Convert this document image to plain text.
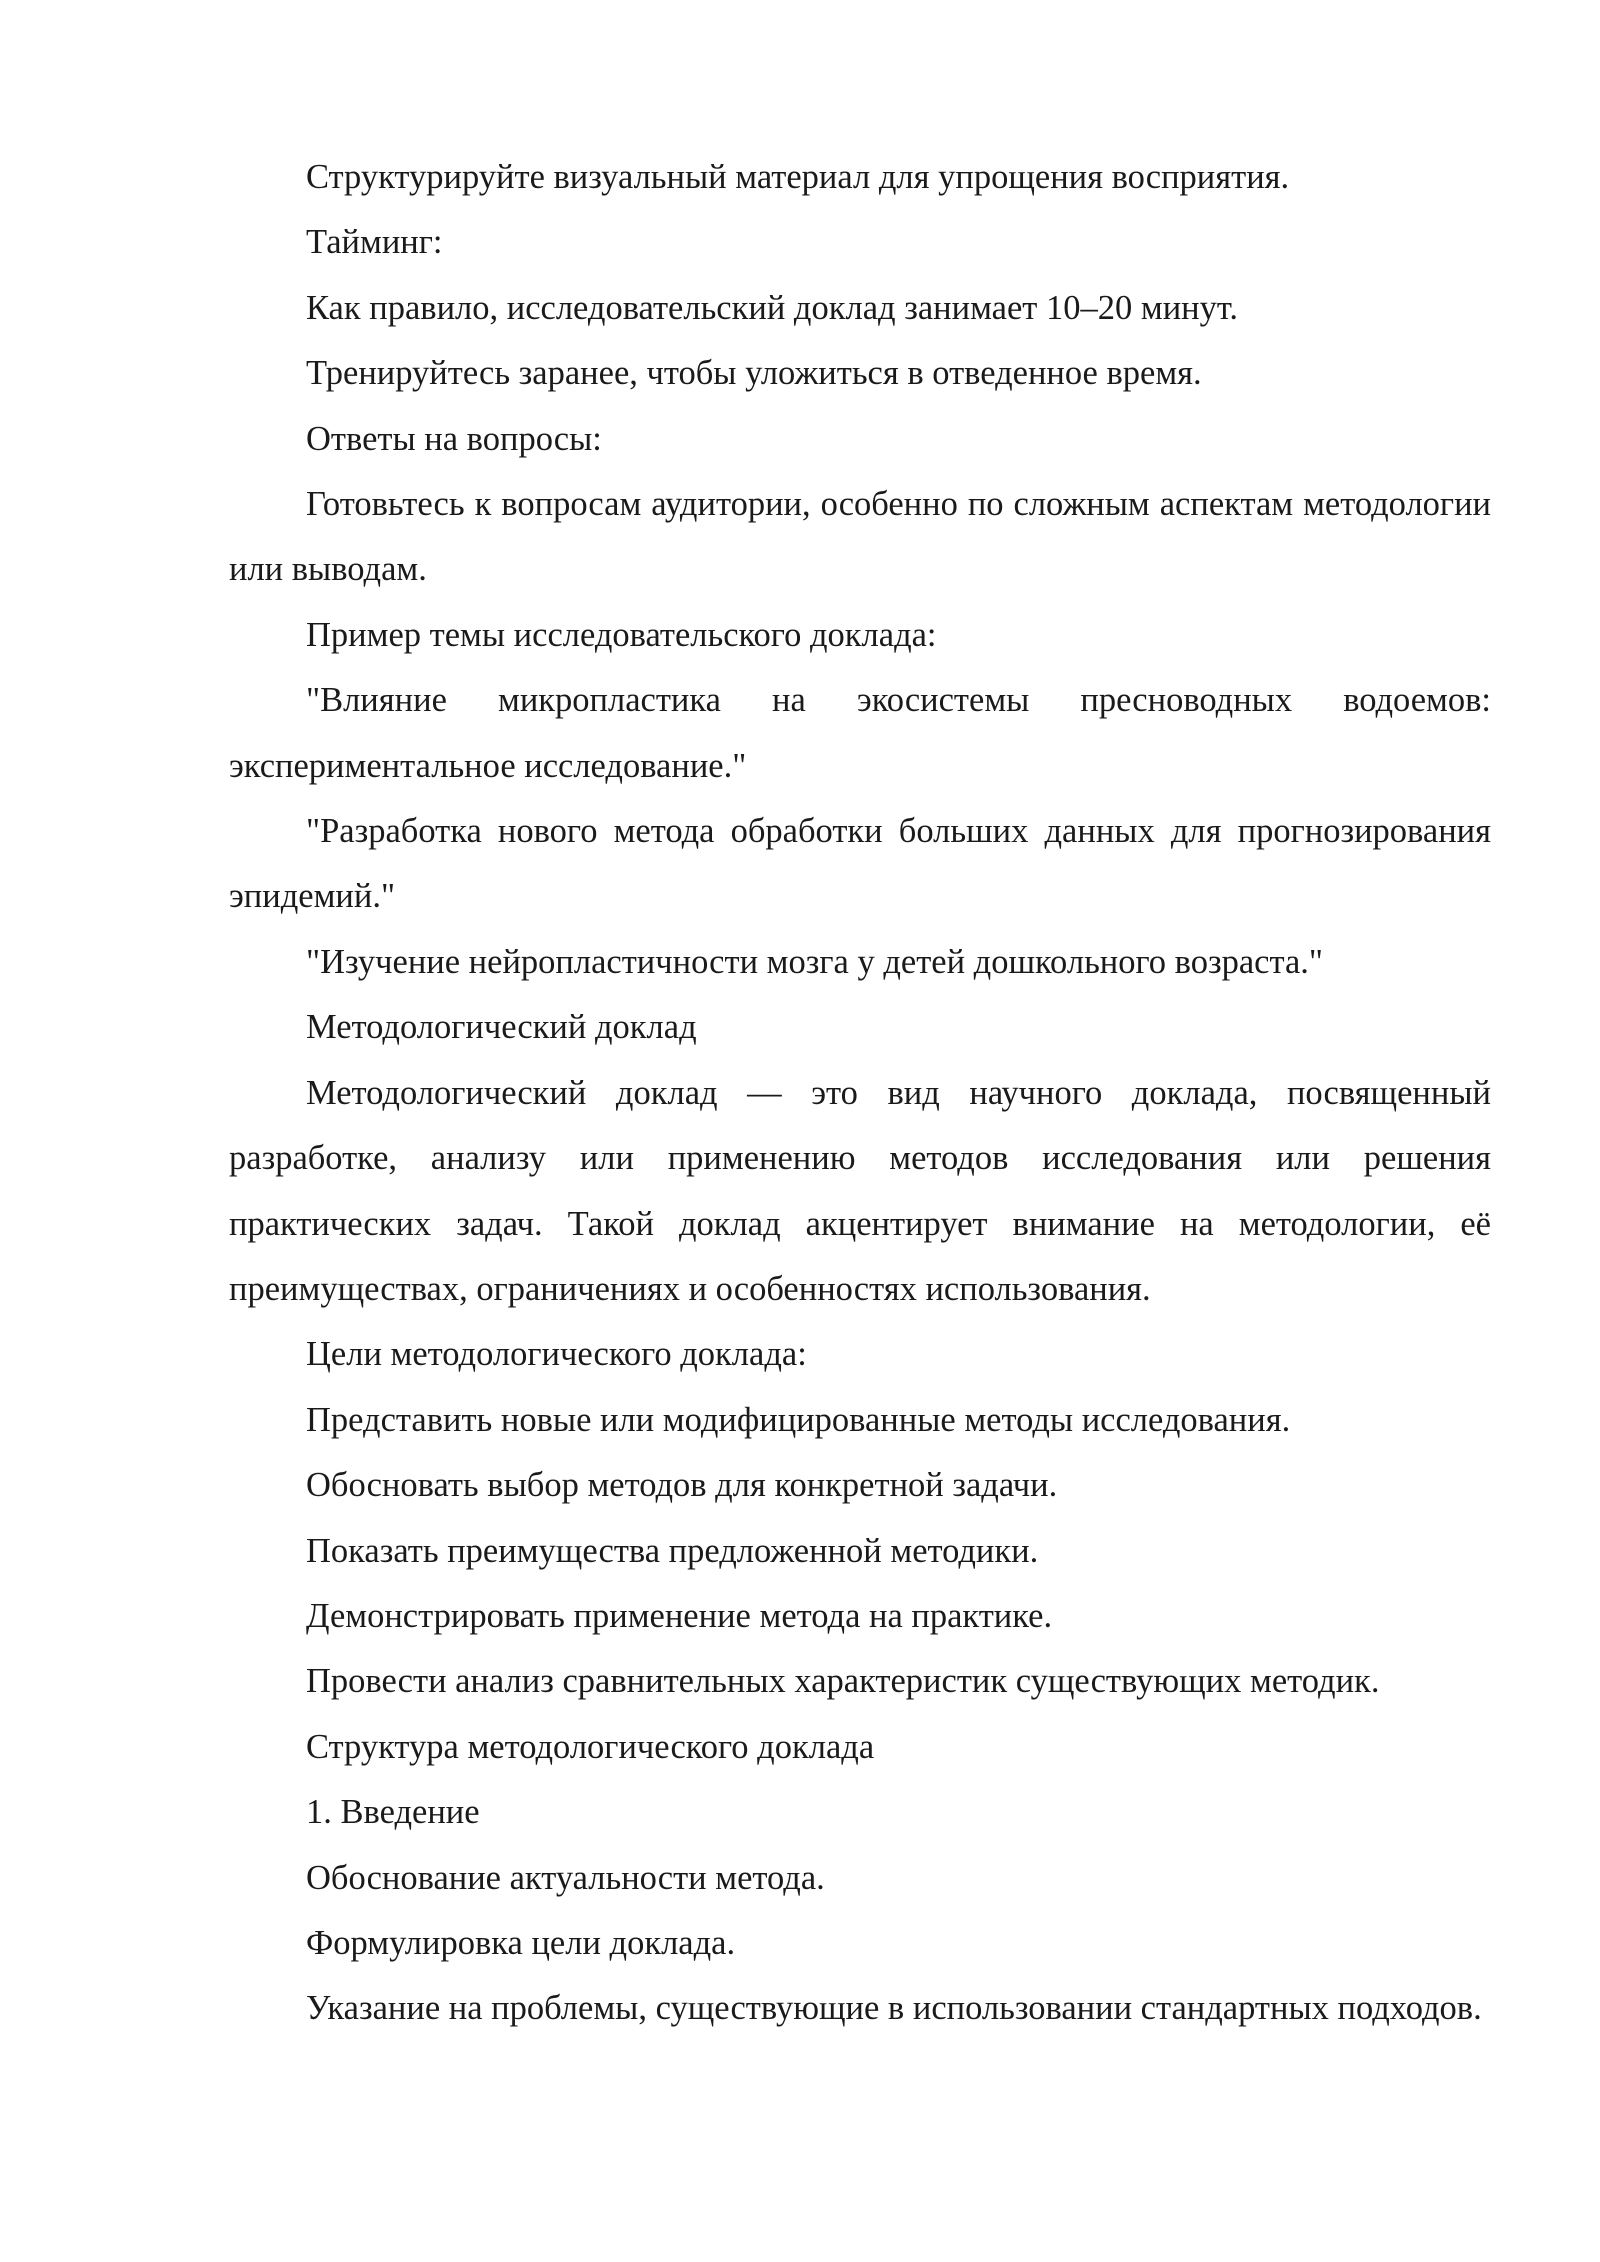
Структурируйте визуальный материал для упрощения восприятия.

Тайминг:

Как правило, исследовательский доклад занимает 10–20 минут.

Тренируйтесь заранее, чтобы уложиться в отведенное время.

Ответы на вопросы:

Готовьтесь к вопросам аудитории, особенно по сложным аспектам методологии или выводам.

Пример темы исследовательского доклада:

"Влияние микропластика на экосистемы пресноводных водоемов: экспериментальное исследование."

"Разработка нового метода обработки больших данных для прогнозирования эпидемий."

"Изучение нейропластичности мозга у детей дошкольного возраста."

Методологический доклад

Методологический доклад — это вид научного доклада, посвященный разработке, анализу или применению методов исследования или решения практических задач. Такой доклад акцентирует внимание на методологии, её преимуществах, ограничениях и особенностях использования.

Цели методологического доклада:

Представить новые или модифицированные методы исследования.

Обосновать выбор методов для конкретной задачи.

Показать преимущества предложенной методики.

Демонстрировать применение метода на практике.

Провести анализ сравнительных характеристик существующих методик.

Структура методологического доклада

1. Введение

Обоснование актуальности метода.

Формулировка цели доклада.

Указание на проблемы, существующие в использовании стандартных подходов.
